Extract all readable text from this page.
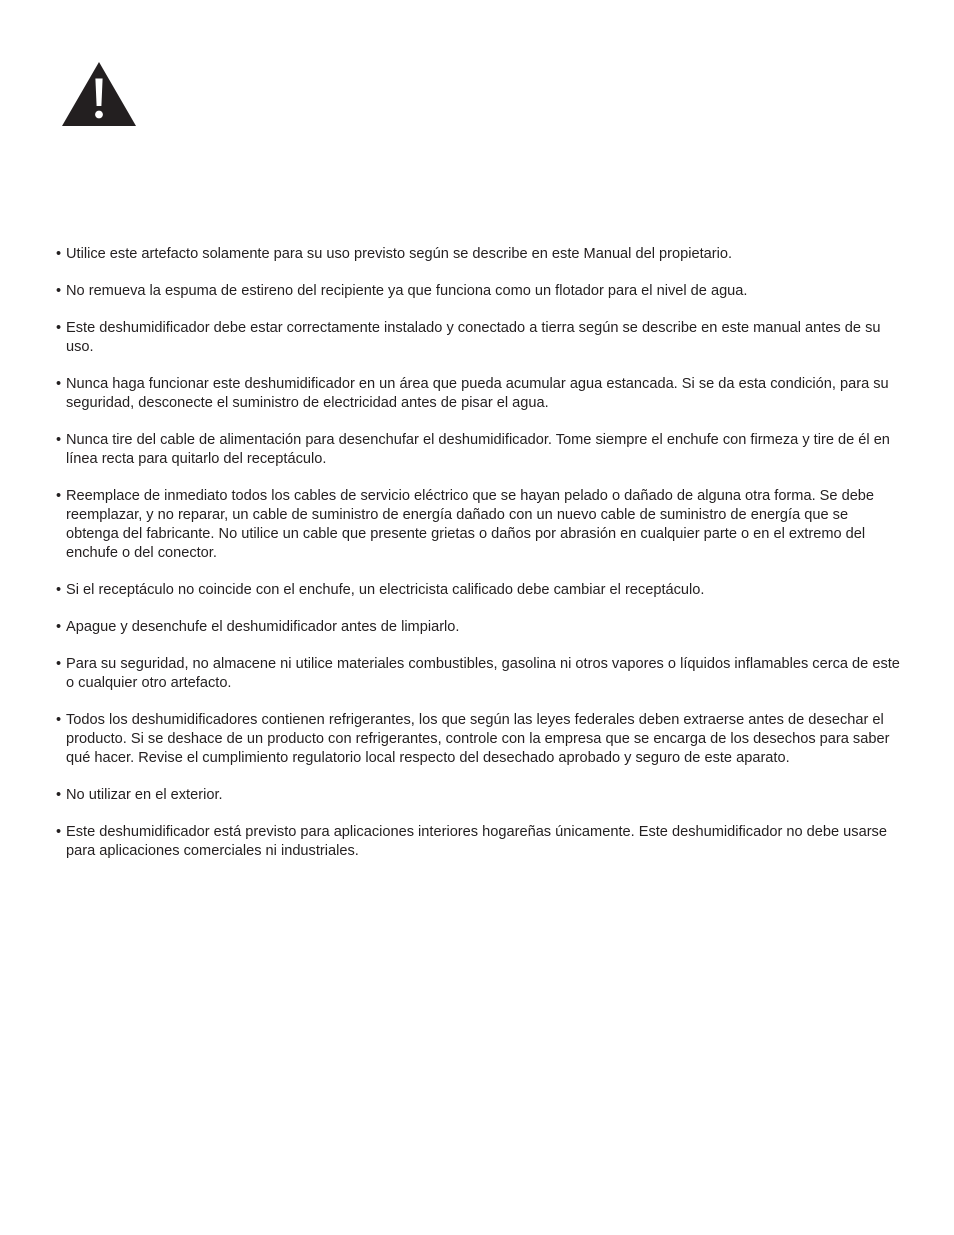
• Utilice este artefacto solamente para su uso previsto según se describe en este Manual del propietario.
• No remueva la espuma de estireno del recipiente ya que funciona como un flotador para el nivel de agua.
• Este deshumidificador debe estar correctamente instalado y conectado a tierra según se describe en este manual antes de su uso.
• Nunca haga funcionar este deshumidificador en un área que pueda acumular agua estancada. Si se da esta condición, para su seguridad, desconecte el suministro de electricidad antes de pisar el agua.
• Nunca tire del cable de alimentación para desenchufar el deshumidificador. Tome siempre el enchufe con firmeza y tire de él en línea recta para quitarlo del receptáculo.
• Reemplace de inmediato todos los cables de servicio eléctrico que se hayan pelado o dañado de alguna otra forma. Se debe reemplazar, y no reparar, un cable de suministro de energía dañado con un nuevo cable de suministro de energía que se obtenga del fabricante. No utilice un cable que presente grietas o daños por abrasión en cualquier parte o en el extremo del enchufe o del conector.
• Si el receptáculo no coincide con el enchufe, un electricista calificado debe cambiar el receptáculo.
• Apague y desenchufe el deshumidificador antes de limpiarlo.
• Para su seguridad, no almacene ni utilice materiales combustibles, gasolina ni otros vapores o líquidos inflamables cerca de este o cualquier otro artefacto.
• Todos los deshumidificadores contienen refrigerantes, los que según las leyes federales deben extraerse antes de desechar el producto. Si se deshace de un producto con refrigerantes, controle con la empresa que se encarga de los desechos para saber qué hacer. Revise el cumplimiento regulatorio local respecto del desechado aprobado y seguro de este aparato.
• No utilizar en el exterior.
• Este deshumidificador está previsto para aplicaciones interiores hogareñas únicamente. Este deshumidificador no debe usarse para aplicaciones comerciales ni industriales.
